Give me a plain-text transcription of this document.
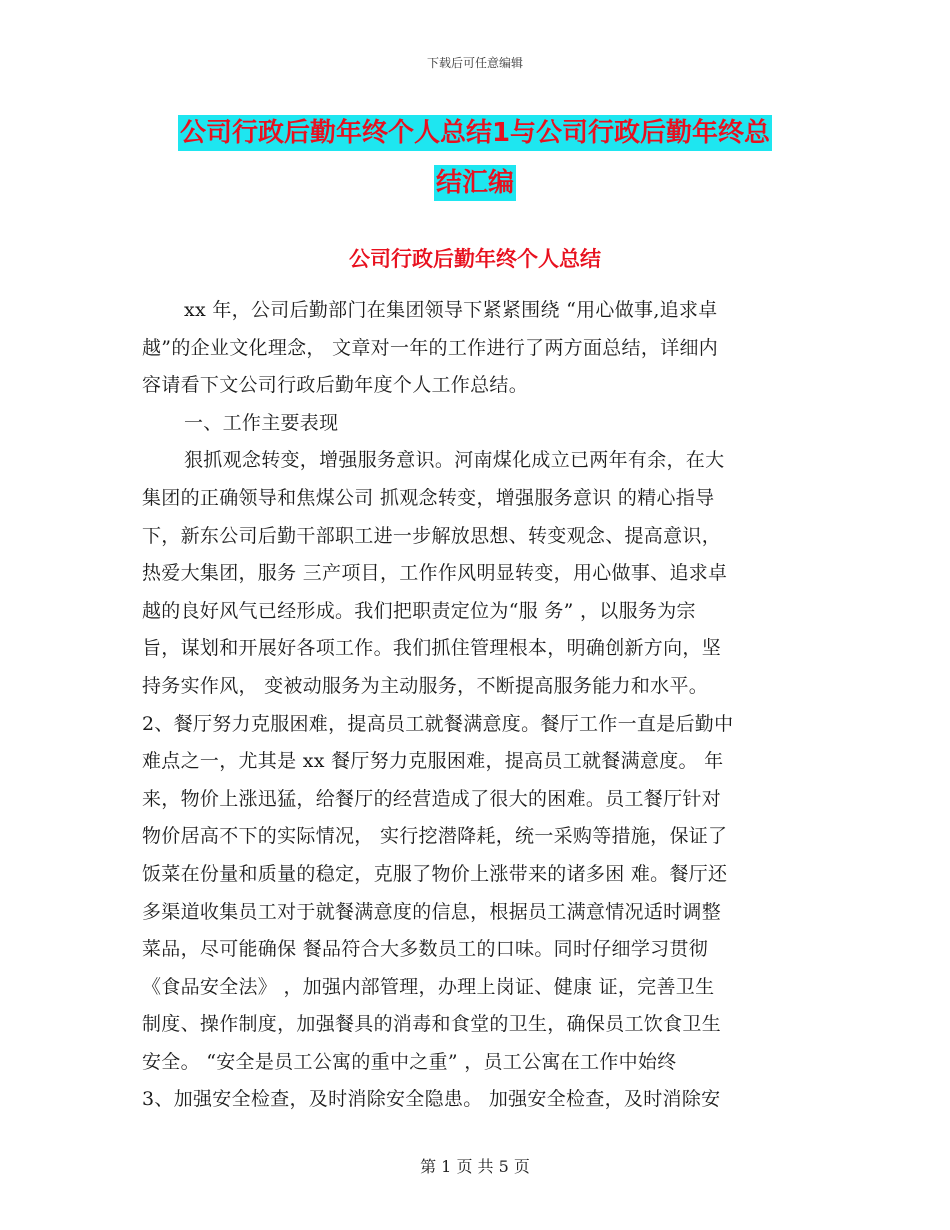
下载后可任意编辑
公司行政后勤年终个人总结1与公司行政后勤年终总
结汇编
公司行政后勤年终个人总结
xx 年，公司后勤部门在集团领导下紧紧围绕 “用心做事,追求卓
越”的企业文化理念， 文章对一年的工作进行了两方面总结，详细内
容请看下文公司行政后勤年度个人工作总结。
一、工作主要表现
狠抓观念转变，增强服务意识。河南煤化成立已两年有余，在大
集团的正确领导和焦煤公司 抓观念转变，增强服务意识 的精心指导
下，新东公司后勤干部职工进一步解放思想、转变观念、提高意识，
热爱大集团，服务 三产项目，工作作风明显转变，用心做事、追求卓
越的良好风气已经形成。我们把职责定位为“服 务” ，以服务为宗
旨，谋划和开展好各项工作。我们抓住管理根本，明确创新方向，坚
持务实作风， 变被动服务为主动服务，不断提高服务能力和水平。
2、餐厅努力克服困难，提高员工就餐满意度。餐厅工作一直是后勤中
难点之一，尤其是 xx 餐厅努力克服困难，提高员工就餐满意度。 年
来，物价上涨迅猛，给餐厅的经营造成了很大的困难。员工餐厅针对
物价居高不下的实际情况， 实行挖潜降耗，统一采购等措施，保证了
饭菜在份量和质量的稳定，克服了物价上涨带来的诸多困 难。餐厅还
多渠道收集员工对于就餐满意度的信息，根据员工满意情况适时调整
菜品，尽可能确保 餐品符合大多数员工的口味。同时仔细学习贯彻
《食品安全法》 ，加强内部管理，办理上岗证、健康 证，完善卫生
制度、操作制度，加强餐具的消毒和食堂的卫生，确保员工饮食卫生
安全。 “安全是员工公寓的重中之重” ，员工公寓在工作中始终
3、加强安全检查，及时消除安全隐患。 加强安全检查，及时消除安
第 1 页 共 5 页
